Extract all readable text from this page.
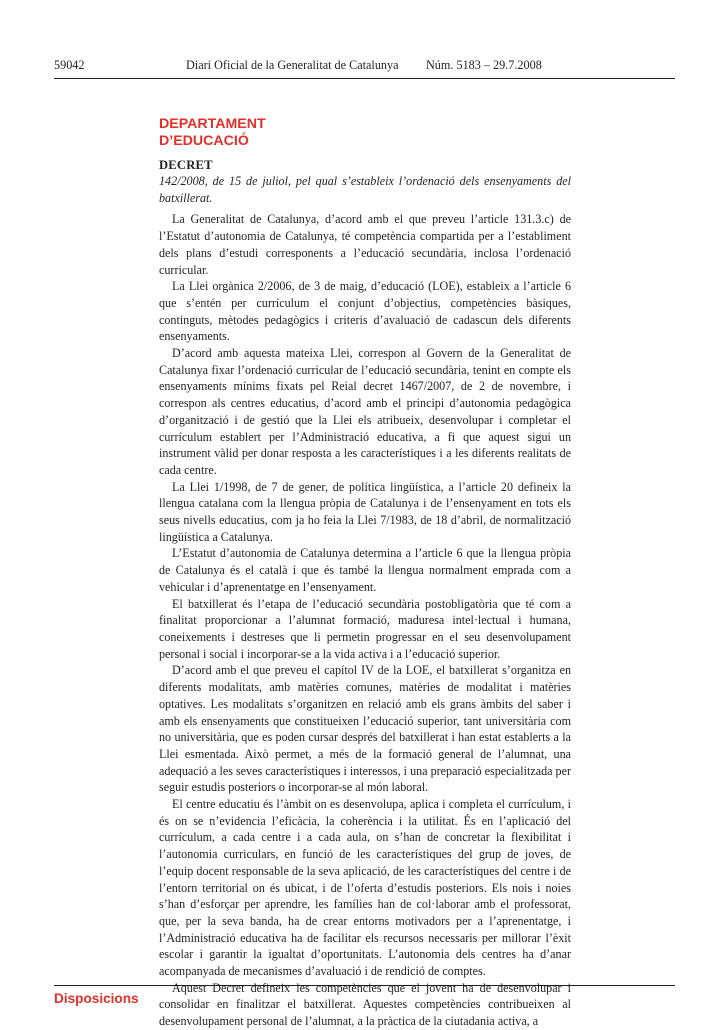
59042	Diari Oficial de la Generalitat de Catalunya Núm. 5183 – 29.7.2008

DEPARTAMENT

D’EDUCACIÓ

DECRET

142/2008, de 15 de juliol, pel qual s’estableix l’ordenació dels ensenyaments del batxillerat.

La Generalitat de Catalunya, d’acord amb el que preveu l’article 131.3.c) de l’Estatut d’autonomia de Catalunya, té competència compartida per a l’establiment dels plans d’estudi corresponents a l’educació secundària, inclosa l’ordenació curricular.

La Llei orgànica 2/2006, de 3 de maig, d’educació (LOE), estableix a l’article 6 que s’entén per currículum el conjunt d’objectius, competències bàsiques, continguts, mètodes pedagògics i criteris d’avaluació de cadascun dels diferents ensenyaments.

D’acord amb aquesta mateixa Llei, correspon al Govern de la Generalitat de Catalunya fixar l’ordenació curricular de l’educació secundària, tenint en compte els ensenyaments mínims fixats pel Reial decret 1467/2007, de 2 de novembre, i correspon als centres educatius, d’acord amb el principi d’autonomia pedagògica d’organització i de gestió que la Llei els atribueix, desenvolupar i completar el currículum establert per l’Administració educativa, a fi que aquest sigui un instrument vàlid per donar resposta a les característiques i a les diferents realitats de cada centre.

La Llei 1/1998, de 7 de gener, de política lingüística, a l’article 20 defineix la llengua catalana com la llengua pròpia de Catalunya i de l’ensenyament en tots els seus nivells educatius, com ja ho feia la Llei 7/1983, de 18 d’abril, de normalització lingüística a Catalunya.

L’Estatut d’autonomia de Catalunya determina a l’article 6 que la llengua pròpia de Catalunya és el català i que és també la llengua normalment emprada com a vehicular i d’aprenentatge en l’ensenyament.

El batxillerat és l’etapa de l’educació secundària postobligatòria que té com a finalitat proporcionar a l’alumnat formació, maduresa intel·lectual i humana, coneixements i destreses que li permetin progressar en el seu desenvolupament personal i social i incorporar-se a la vida activa i a l’educació superior.

D’acord amb el que preveu el capítol IV de la LOE, el batxillerat s’organitza en diferents modalitats, amb matèries comunes, matèries de modalitat i matèries optatives. Les modalitats s’organitzen en relació amb els grans àmbits del saber i amb els ensenyaments que constitueixen l’educació superior, tant universitària com no universitària, que es poden cursar després del batxillerat i han estat establerts a la Llei esmentada. Això permet, a més de la formació general de l’alumnat, una adequació a les seves característiques i interessos, i una preparació especialitzada per seguir estudis posteriors o incorporar-se al món laboral.

El centre educatiu és l’àmbit on es desenvolupa, aplica i completa el currículum, i és on se n’evidencia l’eficàcia, la coherència i la utilitat. És en l’aplicació del currículum, a cada centre i a cada aula, on s’han de concretar la flexibilitat i l’autonomia curriculars, en funció de les característiques del grup de joves, de l’equip docent responsable de la seva aplicació, de les característiques del centre i de l’entorn territorial on és ubicat, i de l’oferta d’estudis posteriors. Els nois i noies s’han d’esforçar per aprendre, les famílies han de col·laborar amb el professorat, que, per la seva banda, ha de crear entorns motivadors per a l’aprenentatge, i l’Administració educativa ha de facilitar els recursos necessaris per millorar l’èxit escolar i garantir la igualtat d’oportunitats. L’autonomia dels centres ha d’anar acompanyada de mecanismes d’avaluació i de rendició de comptes.

Aquest Decret defineix les competències que el jovent ha de desenvolupar i consolidar en finalitzar el batxillerat. Aquestes competències contribueixen al desenvolupament personal de l’alumnat, a la pràctica de la ciutadania activa, a

Disposicions
